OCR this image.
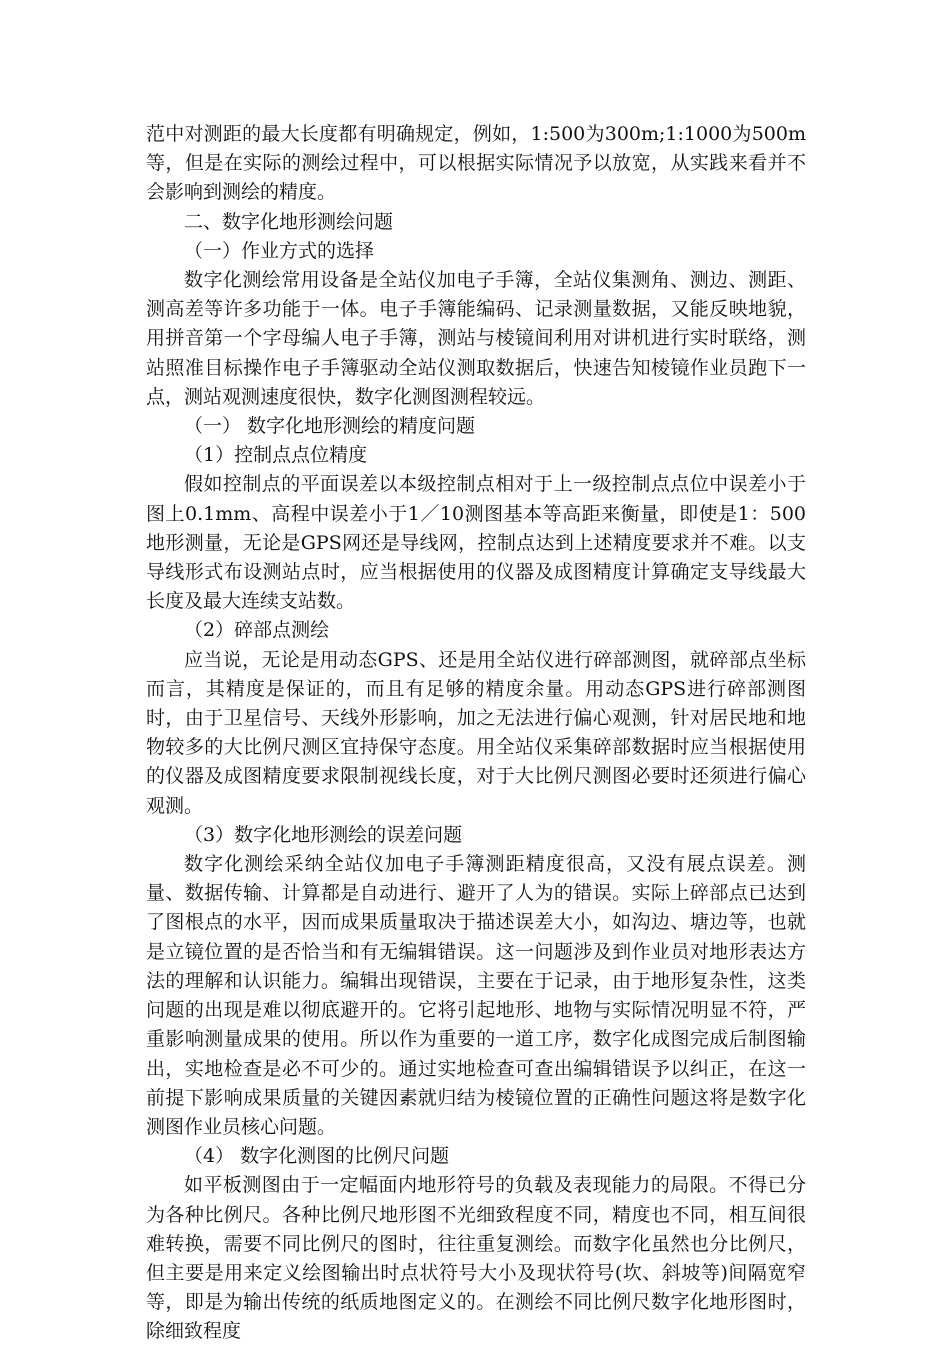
范中对测距的最大长度都有明确规定，例如，1:500为300m;1:1000为500m等，但是在实际的测绘过程中，可以根据实际情况予以放宽，从实践来看并不会影响到测绘的精度。

二、数字化地形测绘问题

（一）作业方式的选择

数字化测绘常用设备是全站仪加电子手簿，全站仪集测角、测边、测距、测高差等许多功能于一体。电子手簿能编码、记录测量数据，又能反映地貌，用拼音第一个字母编人电子手簿，测站与棱镜间利用对讲机进行实时联络，测站照准目标操作电子手簿驱动全站仪测取数据后，快速告知棱镜作业员跑下一点，测站观测速度很快，数字化测图测程较远。

（一） 数字化地形测绘的精度问题

（1）控制点点位精度

假如控制点的平面误差以本级控制点相对于上一级控制点点位中误差小于图上0.1mm、高程中误差小于1／10测图基本等高距来衡量，即使是1：500地形测量，无论是GPS网还是导线网，控制点达到上述精度要求并不难。以支导线形式布设测站点时，应当根据使用的仪器及成图精度计算确定支导线最大长度及最大连续支站数。

（2）碎部点测绘

应当说，无论是用动态GPS、还是用全站仪进行碎部测图，就碎部点坐标而言，其精度是保证的，而且有足够的精度余量。用动态GPS进行碎部测图时，由于卫星信号、天线外形影响，加之无法进行偏心观测，针对居民地和地物较多的大比例尺测区宜持保守态度。用全站仪采集碎部数据时应当根据使用的仪器及成图精度要求限制视线长度，对于大比例尺测图必要时还须进行偏心观测。

（3）数字化地形测绘的误差问题

数字化测绘采纳全站仪加电子手簿测距精度很高，又没有展点误差。测量、数据传输、计算都是自动进行、避开了人为的错误。实际上碎部点已达到了图根点的水平，因而成果质量取决于描述误差大小，如沟边、塘边等，也就是立镜位置的是否恰当和有无编辑错误。这一问题涉及到作业员对地形表达方法的理解和认识能力。编辑出现错误，主要在于记录，由于地形复杂性，这类问题的出现是难以彻底避开的。它将引起地形、地物与实际情况明显不符，严重影响测量成果的使用。所以作为重要的一道工序，数字化成图完成后制图输出，实地检查是必不可少的。通过实地检查可查出编辑错误予以纠正，在这一前提下影响成果质量的关键因素就归结为棱镜位置的正确性问题这将是数字化测图作业员核心问题。

（4） 数字化测图的比例尺问题

如平板测图由于一定幅面内地形符号的负载及表现能力的局限。不得已分为各种比例尺。各种比例尺地形图不光细致程度不同，精度也不同，相互间很难转换，需要不同比例尺的图时，往往重复测绘。而数字化虽然也分比例尺，但主要是用来定义绘图输出时点状符号大小及现状符号(坎、斜坡等)间隔宽窄等，即是为输出传统的纸质地图定义的。在测绘不同比例尺数字化地形图时，除细致程度
